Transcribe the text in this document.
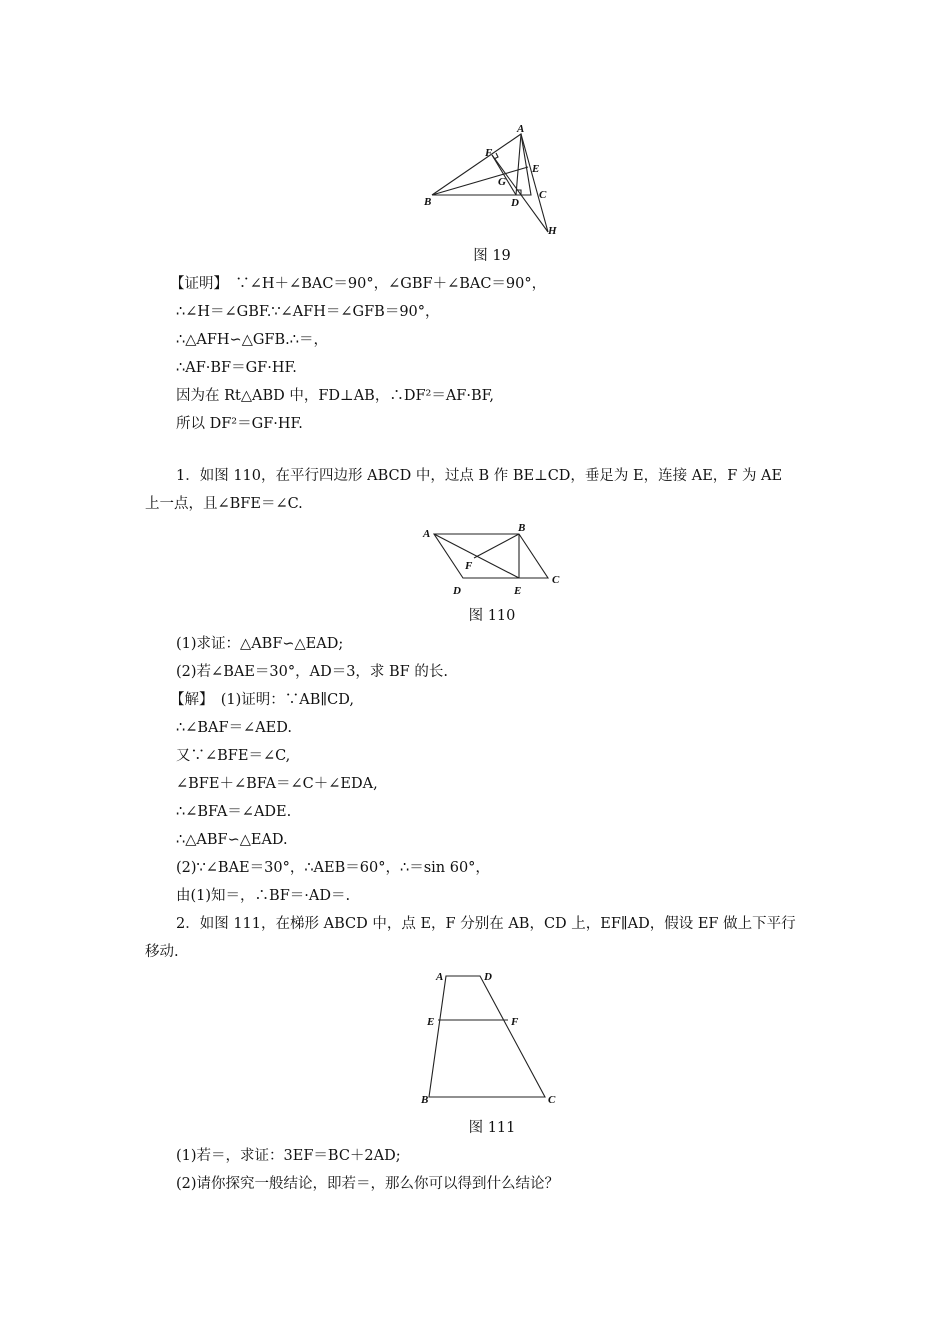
A
B
C
D
E
F
G
H
图 19
【证明】　∵∠H＋∠BAC＝90°，∠GBF＋∠BAC＝90°，
∴∠H＝∠GBF.∵∠AFH＝∠GFB＝90°，
∴△AFH∽△GFB.∴＝，
∴AF·BF＝GF·HF.
因为在 Rt△ABD 中，FD⊥AB，∴DF²＝AF·BF,
所以 DF²＝GF·HF.
1．如图 110，在平行四边形 ABCD 中，过点 B 作 BE⊥CD，垂足为 E，连接 AE，F 为 AE
上一点，且∠BFE＝∠C.
A	B
C
D	E
F
图 110
(1)求证：△ABF∽△EAD;
(2)若∠BAE＝30°，AD＝3，求 BF 的长.
【解】　(1)证明：∵AB∥CD,
∴∠BAF＝∠AED.
又∵∠BFE＝∠C,
∠BFE＋∠BFA＝∠C＋∠EDA,
∴∠BFA＝∠ADE.
∴△ABF∽△EAD.
(2)∵∠BAE＝30°，∴AEB＝60°，∴＝sin 60°，
由(1)知＝，∴BF＝·AD＝.
2．如图 111，在梯形 ABCD 中，点 E，F 分别在 AB，CD 上，EF∥AD，假设 EF 做上下平行
移动.
A	D
E	F
B	C
图 111
(1)若＝，求证：3EF＝BC＋2AD;
(2)请你探究一般结论，即若＝，那么你可以得到什么结论？
